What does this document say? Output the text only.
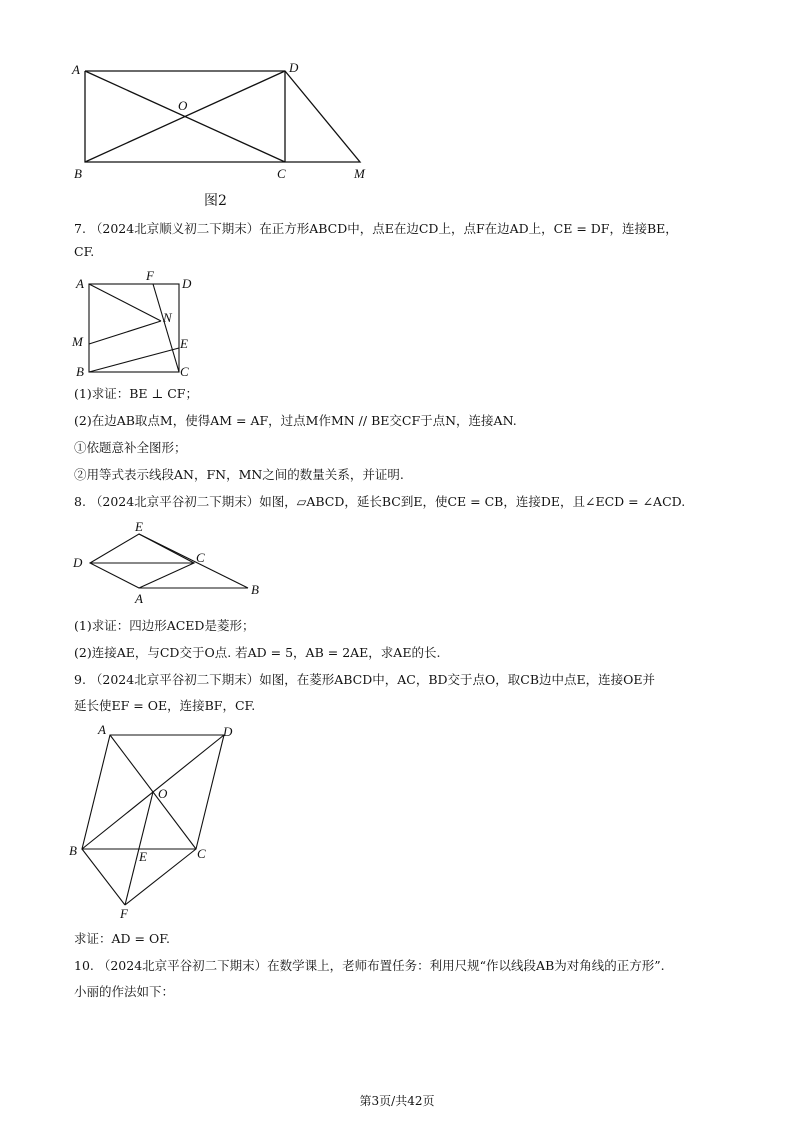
A	D
O
B	C	M
图2
7. （2024北京顺义初二下期末）在正方形ABCD中，点E在边CD上，点F在边AD上，CE = DF，连接BE，
CF.
A
F
D
N
M	E
B	C
(1)求证：BE ⊥ CF；
(2)在边AB取点M，使得AM = AF，过点M作MN // BE交CF于点N，连接AN.
①依题意补全图形；
②用等式表示线段AN，FN，MN之间的数量关系，并证明.
8. （2024北京平谷初二下期末）如图，▱ABCD，延长BC到E，使CE = CB，连接DE，且∠ECD = ∠ACD.
E
D	C
A
B
(1)求证：四边形ACED是菱形；
(2)连接AE，与CD交于O点. 若AD = 5，AB = 2AE，求AE的长.
9. （2024北京平谷初二下期末）如图，在菱形ABCD中，AC，BD交于点O，取CB边中点E，连接OE并
延长使EF = OE，连接BF，CF.
A	D
O
B	E	C
F
求证：AD = OF.
10. （2024北京平谷初二下期末）在数学课上，老师布置任务：利用尺规“作以线段AB为对角线的正方形”.
小丽的作法如下：
第3页/共42页
